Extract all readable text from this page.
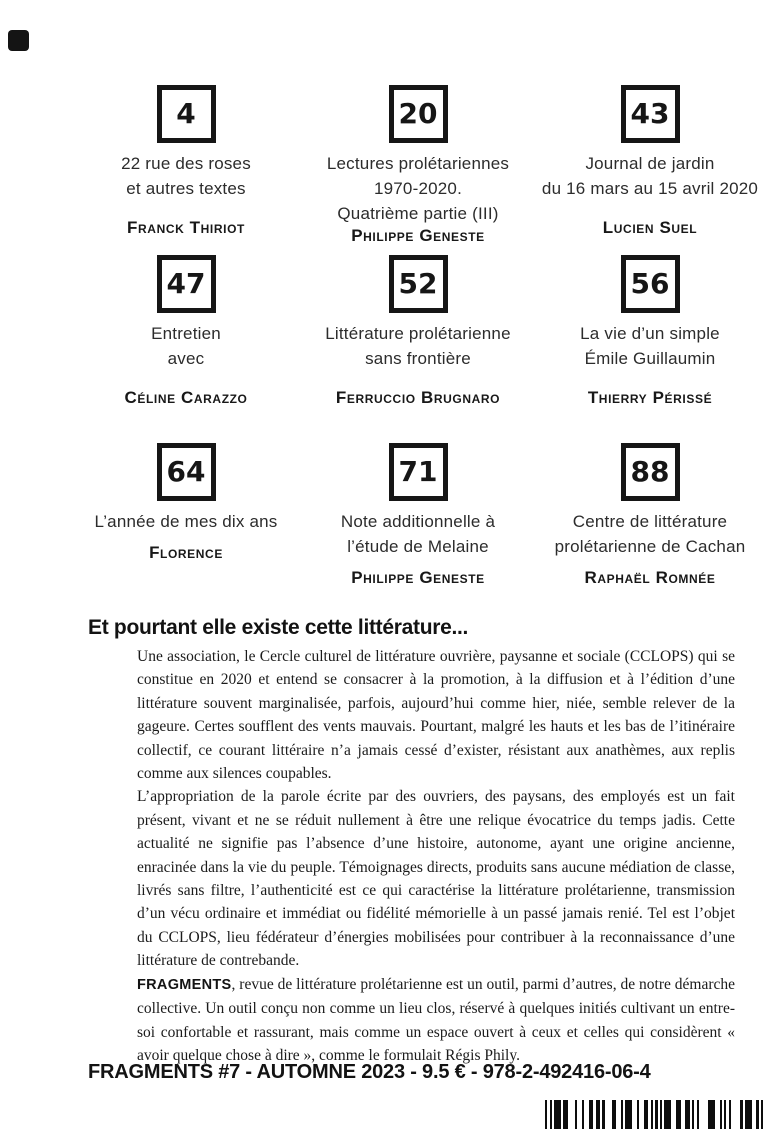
4
22 rue des roses
et autres textes
Franck Thiriot
20
Lectures prolétariennes
1970-2020.
Quatrième partie (III)
Philippe Geneste
43
Journal de jardin
du 16 mars au 15 avril 2020
Lucien Suel
47
Entretien
avec
Céline Carazzo
52
Littérature prolétarienne
sans frontière
Ferruccio Brugnaro
56
La vie d’un simple
Émile Guillaumin
Thierry Périssé
64
L’année de mes dix ans
Florence
71
Note additionnelle à
l’étude de Melaine
Philippe Geneste
88
Centre de littérature
prolétarienne de Cachan
Raphaël Romnée
Et pourtant elle existe cette littérature...

Une association, le Cercle culturel de littérature ouvrière, paysanne et sociale (CCLOPS) qui se constitue en 2020 et entend se consacrer à la promotion, à la diffusion et à l’édition d’une littérature souvent marginalisée, parfois, aujourd’hui comme hier, niée, semble relever de la gageure. Certes soufflent des vents mauvais. Pourtant, malgré les hauts et les bas de l’itinéraire collectif, ce courant littéraire n’a jamais cessé d’exister, résistant aux anathèmes, aux replis comme aux silences coupables.

L’appropriation de la parole écrite par des ouvriers, des paysans, des employés est un fait présent, vivant et ne se réduit nullement à être une relique évocatrice du temps jadis. Cette actualité ne signifie pas l’absence d’une histoire, autonome, ayant une origine ancienne, enracinée dans la vie du peuple. Témoignages directs, produits sans aucune médiation de classe, livrés sans filtre, l’authenticité est ce qui caractérise la littérature prolétarienne, transmission d’un vécu ordinaire et immédiat ou fidélité mémorielle à un passé jamais renié. Tel est l’objet du CCLOPS, lieu fédérateur d’énergies mobilisées pour contribuer à la reconnaissance d’une littérature de contrebande.

FRAGMENTS, revue de littérature prolétarienne est un outil, parmi d’autres, de notre démarche collective. Un outil conçu non comme un lieu clos, réservé à quelques initiés cultivant un entre-soi confortable et rassurant, mais comme un espace ouvert à ceux et celles qui considèrent « avoir quelque chose à dire », comme le formulait Régis Phily.

FRAGMENTS #7 - AUTOMNE 2023 - 9.5 € - 978-2-492416-06-4
